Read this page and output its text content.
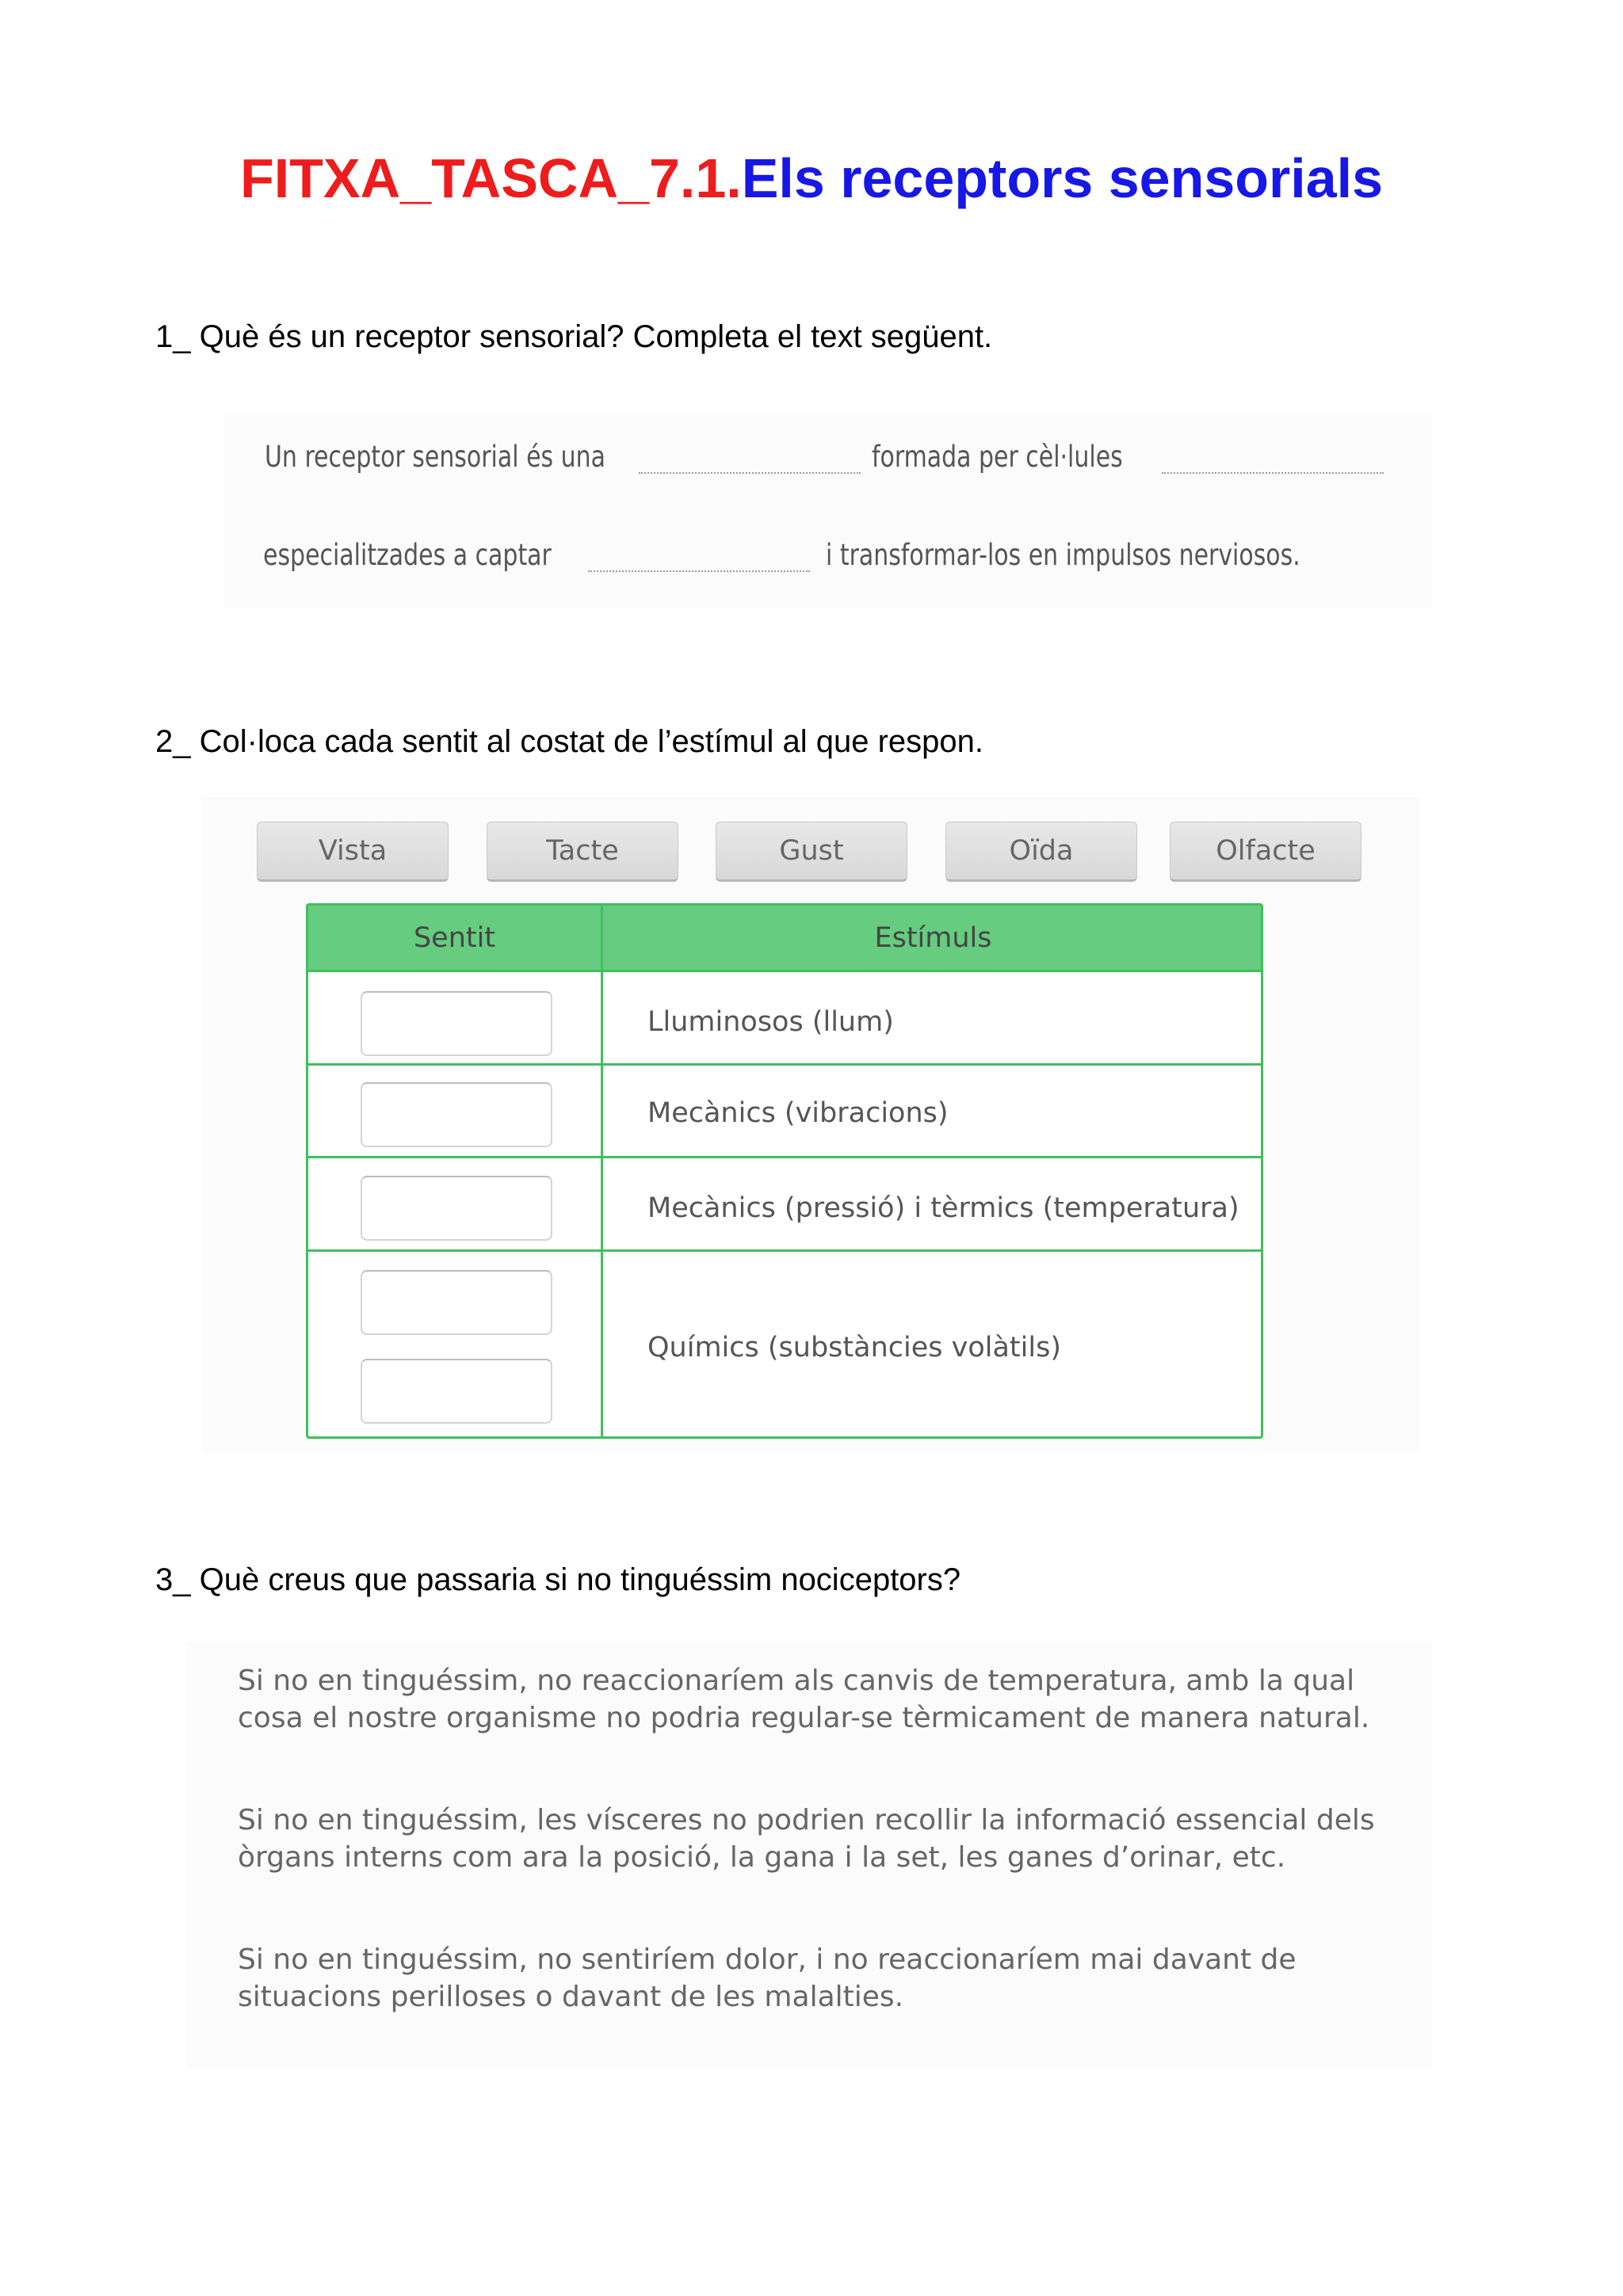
FITXA_TASCA_7.1.Els receptors sensorials
1_ Què és un receptor sensorial? Completa el text següent.
Un receptor sensorial és una	formada per cèl·lules
especialitzades a captar	i transformar-los en impulsos nerviosos.
2_ Col·loca cada sentit al costat de l’estímul al que respon.
Vista	Tacte	Gust	Oïda	Olfacte
Sentit	Estímuls
Lluminosos (llum)
Mecànics (vibracions)
Mecànics (pressió) i tèrmics (temperatura)
Químics (substàncies volàtils)
3_ Què creus que passaria si no tinguéssim nociceptors?
Si no en tinguéssim, no reaccionaríem als canvis de temperatura, amb la qual cosa el nostre organisme no podria regular-se tèrmicament de manera natural.
Si no en tinguéssim, les vísceres no podrien recollir la informació essencial dels òrgans interns com ara la posició, la gana i la set, les ganes d’orinar, etc.
Si no en tinguéssim, no sentiríem dolor, i no reaccionaríem mai davant de situacions perilloses o davant de les malalties.
